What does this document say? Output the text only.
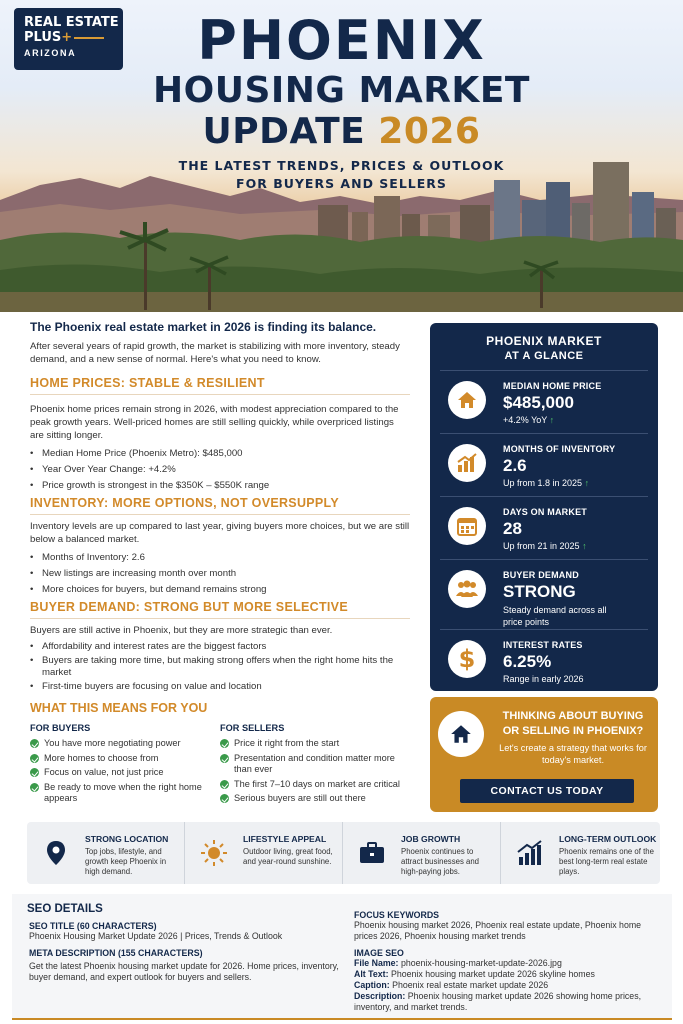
REAL ESTATE
PLUS+
ARIZONA	PHOENIX
HOUSING MARKET
UPDATE 2026
THE LATEST TRENDS, PRICES & OUTLOOK
FOR BUYERS AND SELLERS
The Phoenix real estate market in 2026 is finding its balance.
After several years of rapid growth, the market is stabilizing with more inventory, steady demand, and a new sense of normal. Here's what you need to know.
HOME PRICES: STABLE & RESILIENT
Phoenix home prices remain strong in 2026, with modest appreciation compared to the peak growth years. Well-priced homes are still selling quickly, while overpriced listings are sitting longer.
• Median Home Price (Phoenix Metro): $485,000
• Year Over Year Change: +4.2%
• Price growth is strongest in the $350K – $550K range
INVENTORY: MORE OPTIONS, NOT OVERSUPPLY
Inventory levels are up compared to last year, giving buyers more choices, but we are still below a balanced market.
• Months of Inventory: 2.6
• New listings are increasing month over month
• More choices for buyers, but demand remains strong
BUYER DEMAND: STRONG BUT MORE SELECTIVE
Buyers are still active in Phoenix, but they are more strategic than ever.
• Affordability and interest rates are the biggest factors
• Buyers are taking more time, but making strong offers when the right home hits the market
• First-time buyers are focusing on value and location
WHAT THIS MEANS FOR YOU
FOR BUYERS
You have more negotiating power
More homes to choose from
Focus on value, not just price
Be ready to move when the right home appears
FOR SELLERS
Price it right from the start
Presentation and condition matter more than ever
The first 7–10 days on market are critical
Serious buyers are still out there
PHOENIX MARKET
AT A GLANCE
MEDIAN HOME PRICE
$485,000
+4.2% YoY ↑
MONTHS OF INVENTORY
2.6
Up from 1.8 in 2025 ↑
DAYS ON MARKET
28
Up from 21 in 2025 ↑
BUYER DEMAND
STRONG
Steady demand across all price points
$	INTEREST RATES
6.25%
Range in early 2026
THINKING ABOUT BUYING OR SELLING IN PHOENIX?
Let's create a strategy that works for today's market.
CONTACT US TODAY
STRONG LOCATION
Top jobs, lifestyle, and growth keep Phoenix in high demand.
LIFESTYLE APPEAL
Outdoor living, great food, and year-round sunshine.
JOB GROWTH
Phoenix continues to attract businesses and high-paying jobs.
LONG-TERM OUTLOOK
Phoenix remains one of the best long-term real estate plays.
SEO DETAILS
SEO TITLE (60 CHARACTERS)
Phoenix Housing Market Update 2026 | Prices, Trends & Outlook
META DESCRIPTION (155 CHARACTERS)
Get the latest Phoenix housing market update for 2026. Home prices, inventory, buyer demand, and expert outlook for buyers and sellers.
FOCUS KEYWORDS
Phoenix housing market 2026, Phoenix real estate update, Phoenix home prices 2026, Phoenix housing market trends
IMAGE SEO
File Name: phoenix-housing-market-update-2026.jpg
Alt Text: Phoenix housing market update 2026 skyline homes
Caption: Phoenix real estate market update 2026
Description: Phoenix housing market update 2026 showing home prices, inventory, and market trends.
